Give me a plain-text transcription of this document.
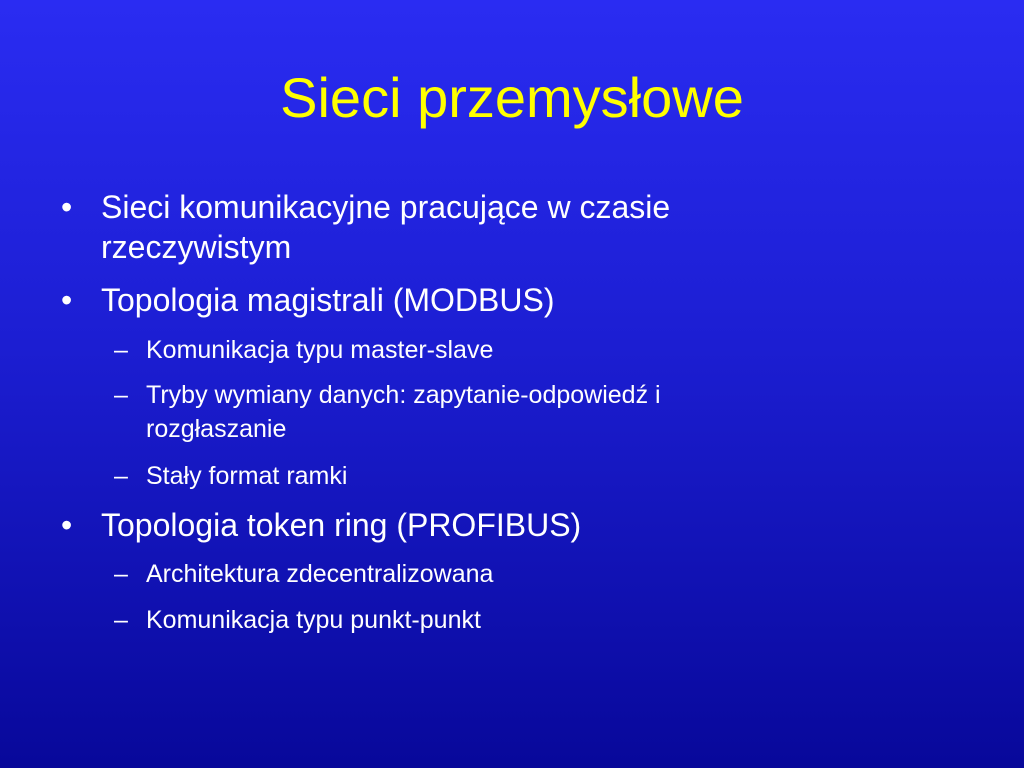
Sieci przemysłowe
• Sieci komunikacyjne pracujące w czasie
rzeczywistym
• Topologia magistrali (MODBUS)
– Komunikacja typu master-slave
– Tryby wymiany danych: zapytanie-odpowiedź i
rozgłaszanie
– Stały format ramki
• Topologia token ring (PROFIBUS)
– Architektura zdecentralizowana
– Komunikacja typu punkt-punkt
